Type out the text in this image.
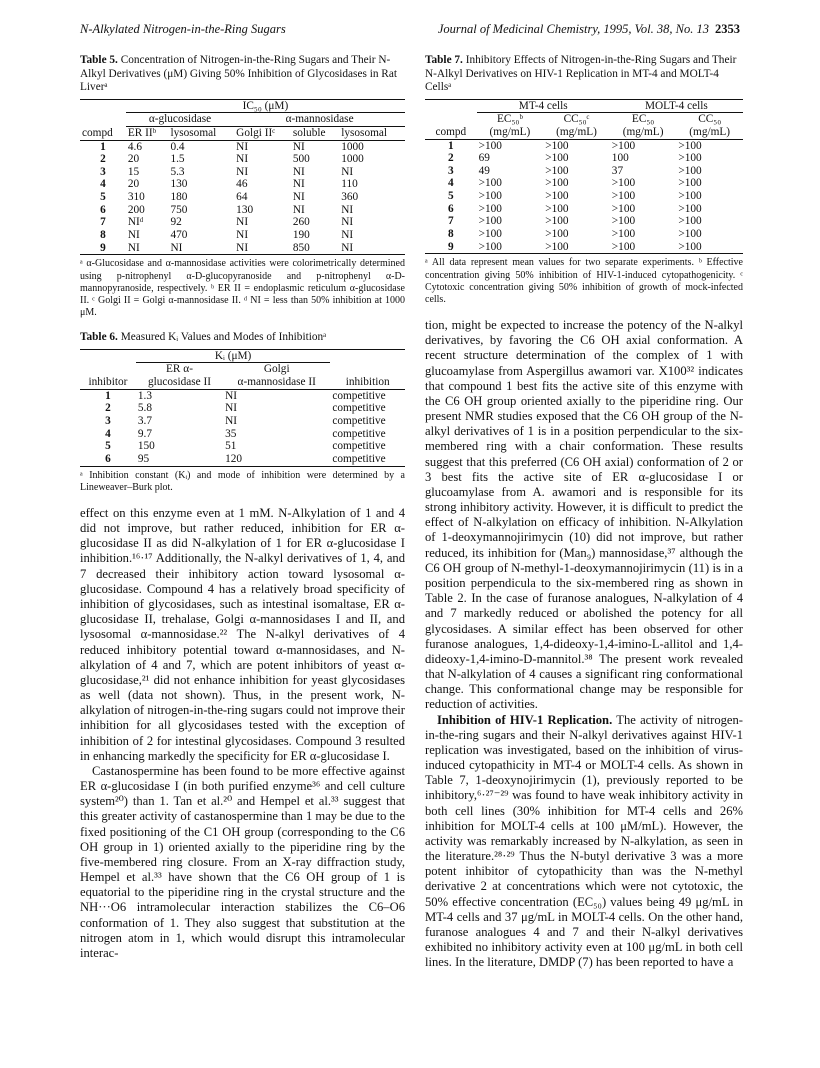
N-Alkylated Nitrogen-in-the-Ring Sugars	Journal of Medicinal Chemistry, 1995, Vol. 38, No. 13 2353
Table 5. Concentration of Nitrogen-in-the-Ring Sugars and Their N-Alkyl Derivatives (μM) Giving 50% Inhibition of Glycosidases in Rat Liverᵃ
	IC₅₀ (μM)				
	α-glucosidase		α-mannosidase		
compd	ER IIᵇ	lysosomal	Golgi IIᶜ	soluble	lysosomal
1	4.6	0.4	NI	NI	1000
2	20	1.5	NI	500	1000
3	15	5.3	NI	NI	NI
4	20	130	46	NI	110
5	310	180	64	NI	360
6	200	750	130	NI	NI
7	NIᵈ	92	NI	260	NI
8	NI	470	NI	190	NI
9	NI	NI	NI	850	NI
ᵃ α-Glucosidase and α-mannosidase activities were colorimetrically determined using p-nitrophenyl α-D-glucopyranoside and p-nitrophenyl α-D-mannopyranoside, respectively. ᵇ ER II = endoplasmic reticulum α-glucosidase II. ᶜ Golgi II = Golgi α-mannosidase II. ᵈ NI = less than 50% inhibition at 1000 μM.
Table 6. Measured Kᵢ Values and Modes of Inhibitionᵃ
	Kᵢ (μM)		
	ER α-	Golgi	
inhibitor	glucosidase II	α-mannosidase II	inhibition
1	1.3	NI	competitive
2	5.8	NI	competitive
3	3.7	NI	competitive
4	9.7	35	competitive
5	150	51	competitive
6	95	120	competitive
ᵃ Inhibition constant (Kᵢ) and mode of inhibition were determined by a Lineweaver–Burk plot.

effect on this enzyme even at 1 mM. N-Alkylation of 1 and 4 did not improve, but rather reduced, inhibition for ER α-glucosidase II as did N-alkylation of 1 for ER α-glucosidase I inhibition.¹⁶·¹⁷ Additionally, the N-alkyl derivatives of 1, 4, and 7 decreased their inhibitory action toward lysosomal α-glucosidase. Compound 4 has a relatively broad specificity of inhibition of glycosidases, such as intestinal isomaltase, ER α-glucosidase II, trehalase, Golgi α-mannosidases I and II, and lysosomal α-mannosidase.²² The N-alkyl derivatives of 4 reduced inhibitory potential toward α-mannosidases, and N-alkylation of 4 and 7, which are potent inhibitors of yeast α-glucosidase,²¹ did not enhance inhibition for yeast glycosidases as well (data not shown). Thus, in the present work, N-alkylation of nitrogen-in-the-ring sugars could not improve their inhibition for all glycosidases tested with the exception of inhibition of 2 for intestinal glycosidases. Compound 3 resulted in enhancing markedly the specificity for ER α-glucosidase I.

Castanospermine has been found to be more effective against ER α-glucosidase I (in both purified enzyme³⁶ and cell culture system²⁰) than 1. Tan et al.²⁰ and Hempel et al.³³ suggest that this greater activity of castanospermine than 1 may be due to the fixed positioning of the C1 OH group (corresponding to the C6 OH group in 1) oriented axially to the piperidine ring by the five-membered ring closure. From an X-ray diffraction study, Hempel et al.³³ have shown that the C6 OH group of 1 is equatorial to the piperidine ring in the crystal structure and the NH···O6 intramolecular interaction stabilizes the C6–O6 conformation of 1. They also suggest that substitution at the nitrogen atom in 1, which would disrupt this intramolecular interac-

Table 7. Inhibitory Effects of Nitrogen-in-the-Ring Sugars and Their N-Alkyl Derivatives on HIV-1 Replication in MT-4 and MOLT-4 Cellsᵃ
	MT-4 cells		MOLT-4 cells	
	EC₅₀ᵇ	CC₅₀ᶜ	EC₅₀	CC₅₀
compd	(mg/mL)	(mg/mL)	(mg/mL)	(mg/mL)
1	>100	>100	>100	>100
2	69	>100	100	>100
3	49	>100	37	>100
4	>100	>100	>100	>100
5	>100	>100	>100	>100
6	>100	>100	>100	>100
7	>100	>100	>100	>100
8	>100	>100	>100	>100
9	>100	>100	>100	>100
ᵃ All data represent mean values for two separate experiments. ᵇ Effective concentration giving 50% inhibition of HIV-1-induced cytopathogenicity. ᶜ Cytotoxic concentration giving 50% inhibition of growth of mock-infected cells.

tion, might be expected to increase the potency of the N-alkyl derivatives, by favoring the C6 OH axial conformation. A recent structure determination of the complex of 1 with glucoamylase from Aspergillus awamori var. X100³² indicates that compound 1 best fits the active site of this enzyme with the C6 OH group oriented axially to the piperidine ring. Our present NMR studies exposed that the C6 OH group of the N-alkyl derivatives of 1 is in a position perpendicular to the six-membered ring with a chair conformation. These results suggest that this preferred (C6 OH axial) conformation of 2 or 3 best fits the active site of ER α-glucosidase I or glucoamylase from A. awamori and is responsible for its strong inhibitory activity. However, it is difficult to predict the effect of N-alkylation on efficacy of inhibition. N-Alkylation of 1-deoxymannojirimycin (10) did not improve, but rather reduced, its inhibition for (Man₉) mannosidase,³⁷ although the C6 OH group of N-methyl-1-deoxymannojirimycin (11) is in a position perpendicula to the six-membered ring as shown in Table 2. In the case of furanose analogues, N-alkylation of 4 and 7 markedly reduced or abolished the potency for all glycosidases. A similar effect has been observed for other furanose analogues, 1,4-dideoxy-1,4-imino-L-allitol and 1,4-dideoxy-1,4-imino-D-mannitol.³⁸ The present work revealed that N-alkylation of 4 causes a significant ring conformational change. This conformational change may be responsible for reduction of activities.

Inhibition of HIV-1 Replication. The activity of nitrogen-in-the-ring sugars and their N-alkyl derivatives against HIV-1 replication was investigated, based on the inhibition of virus-induced cytopathicity in MT-4 or MOLT-4 cells. As shown in Table 7, 1-deoxynojirimycin (1), previously reported to be inhibitory,⁶·²⁷⁻²⁹ was found to have weak inhibitory activity in both cell lines (30% inhibition for MT-4 cells and 26% inhibition for MOLT-4 cells at 100 μM/mL). However, the activity was remarkably increased by N-alkylation, as seen in the literature.²⁸·²⁹ Thus the N-butyl derivative 3 was a more potent inhibitor of cytopathicity than was the N-methyl derivative 2 at concentrations which were not cytotoxic, the 50% effective concentration (EC₅₀) values being 49 μg/mL in MT-4 cells and 37 μg/mL in MOLT-4 cells. On the other hand, furanose analogues 4 and 7 and their N-alkyl derivatives exhibited no inhibitory activity even at 100 μg/mL in both cell lines. In the literature, DMDP (7) has been reported to have a
